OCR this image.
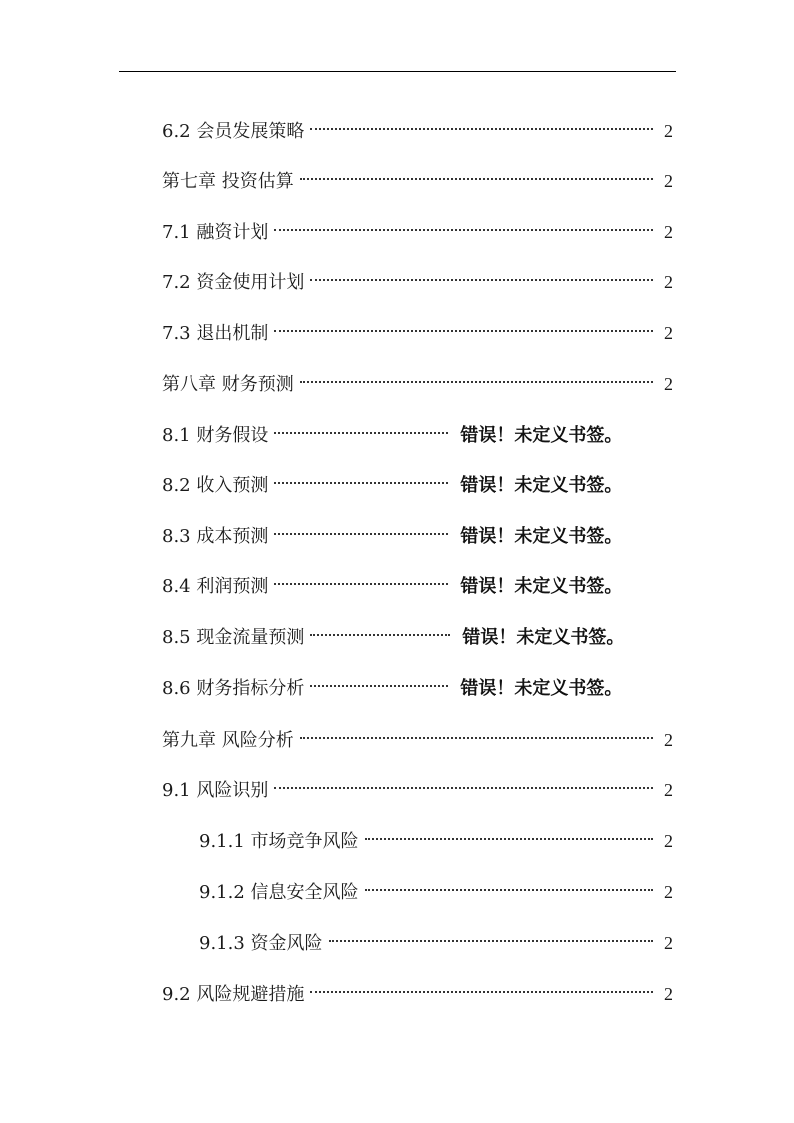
6.2 会员发展策略	2
第七章 投资估算	2
7.1 融资计划	2
7.2 资金使用计划	2
7.3 退出机制	2
第八章 财务预测	2
8.1 财务假设	错误！未定义书签。
8.2 收入预测	错误！未定义书签。
8.3 成本预测	错误！未定义书签。
8.4 利润预测	错误！未定义书签。
8.5 现金流量预测	错误！未定义书签。
8.6 财务指标分析	错误！未定义书签。
第九章 风险分析	2
9.1 风险识别	2
9.1.1 市场竞争风险	2
9.1.2 信息安全风险	2
9.1.3 资金风险	2
9.2 风险规避措施	2
